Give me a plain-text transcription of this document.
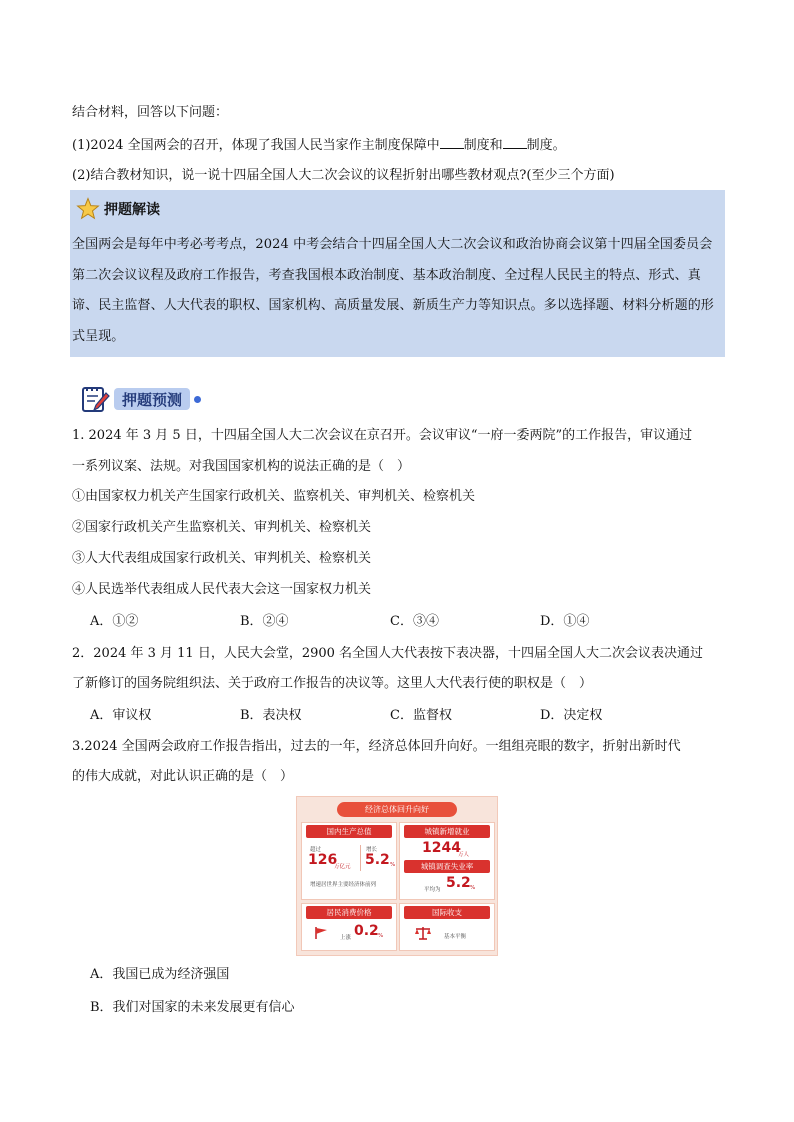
结合材料，回答以下问题：
(1)2024 全国两会的召开，体现了我国人民当家作主制度保障中 制度和 制度。
(2)结合教材知识，说一说十四届全国人大二次会议的议程折射出哪些教材观点?(至少三个方面)
押题解读
全国两会是每年中考必考考点，2024 中考会结合十四届全国人大二次会议和政治协商会议第十四届全国委员会第二次会议议程及政府工作报告，考查我国根本政治制度、基本政治制度、全过程人民民主的特点、形式、真谛、民主监督、人大代表的职权、国家机构、高质量发展、新质生产力等知识点。多以选择题、材料分析题的形式呈现。
押题预测
1. 2024 年 3 月 5 日，十四届全国人大二次会议在京召开。会议审议“一府一委两院”的工作报告，审议通过
一系列议案、法规。对我国国家机构的说法正确的是（　）
①由国家权力机关产生国家行政机关、监察机关、审判机关、检察机关
②国家行政机关产生监察机关、审判机关、检察机关
③人大代表组成国家行政机关、审判机关、检察机关
④人民选举代表组成人民代表大会这一国家权力机关
A．①②	B．②④	C．③④	D．①④
2．2024 年 3 月 11 日，人民大会堂，2900 名全国人大代表按下表决器，十四届全国人大二次会议表决通过
了新修订的国务院组织法、关于政府工作报告的决议等。这里人大代表行使的职权是（　）
A．审议权	B．表决权	C．监督权	D．决定权
3.2024 全国两会政府工作报告指出，过去的一年，经济总体回升向好。一组组亮眼的数字，折射出新时代
的伟大成就，对此认识正确的是（　）
经济总体回升向好
国内生产总值
超过
126
万亿元
增长
5.2 %
增速居世界主要经济体前列
城镇新增就业
1244
万人
城镇调查失业率
平均为 5.2 %
居民消费价格
上涨 0.2 %
国际收支
基本平衡
A．我国已成为经济强国
B．我们对国家的未来发展更有信心
